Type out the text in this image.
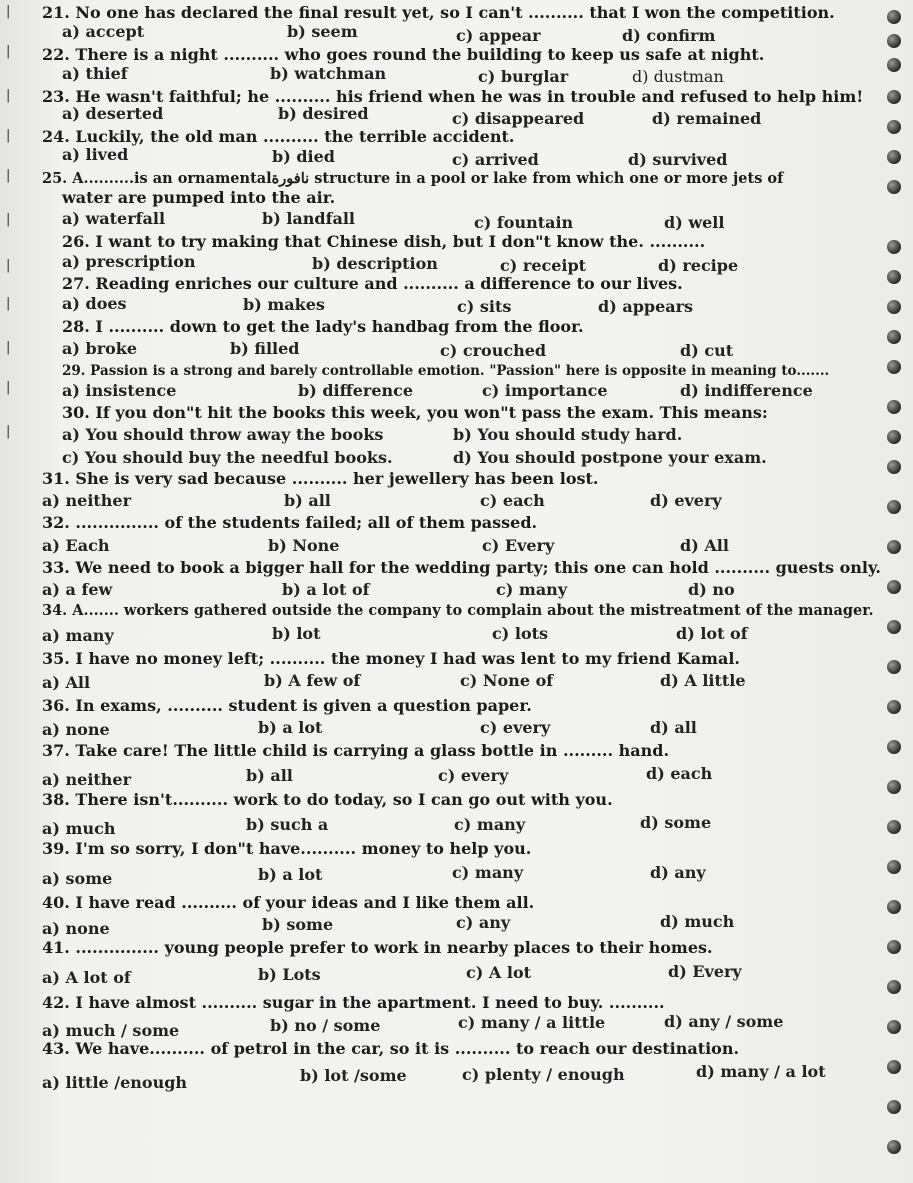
|
|
|
|
|
|
|
|
|
|
|
21. No one has declared the final result yet, so I can't .......... that I won the competition.
a) accept	b) seem	c) appear	d) confirm
22. There is a night .......... who goes round the building to keep us safe at night.
a) thief	b) watchman	c) burglar	d) dustman
23. He wasn't faithful; he .......... his friend when he was in trouble and refused to help him!
a) deserted	b) desired	c) disappeared	d) remained
24. Luckily, the old man .......... the terrible accident.
a) lived	b) died	c) arrived	d) survived
25. A..........is an ornamentalنافورة structure in a pool or lake from which one or more jets of
water are pumped into the air.
a) waterfall	b) landfall	c) fountain	d) well
26. I want to try making that Chinese dish, but I don"t know the. ..........
a) prescription	b) description	c) receipt	d) recipe
27. Reading enriches our culture and .......... a difference to our lives.
a) does	b) makes	c) sits	d) appears
28. I .......... down to get the lady's handbag from the floor.
a) broke	b) filled	c) crouched	d) cut
29. Passion is a strong and barely controllable emotion. "Passion" here is opposite in meaning to.......
a) insistence	b) difference	c) importance	d) indifference
30. If you don"t hit the books this week, you won"t pass the exam. This means:
a) You should throw away the books	b) You should study hard.
c) You should buy the needful books.	d) You should postpone your exam.
31. She is very sad because .......... her jewellery has been lost.
a) neither	b) all	c) each	d) every
32. ............... of the students failed; all of them passed.
a) Each	b) None	c) Every	d) All
33. We need to book a bigger hall for the wedding party; this one can hold .......... guests only.
a) a few	b) a lot of	c) many	d) no
34. A....... workers gathered outside the company to complain about the mistreatment of the manager.
a) many	b) lot	c) lots	d) lot of
35. I have no money left; .......... the money I had was lent to my friend Kamal.
a) All	b) A few of	c) None of	d) A little
36. In exams, .......... student is given a question paper.
a) none	b) a lot	c) every	d) all
37. Take care! The little child is carrying a glass bottle in ......... hand.
a) neither	b) all	c) every	d) each
38. There isn't.......... work to do today, so I can go out with you.
a) much	b) such a	c) many	d) some
39. I'm so sorry, I don"t have.......... money to help you.
a) some	b) a lot	c) many	d) any
40. I have read .......... of your ideas and I like them all.
a) none	b) some	c) any	d) much
41. ............... young people prefer to work in nearby places to their homes.
a) A lot of	b) Lots	c) A lot	d) Every
42. I have almost .......... sugar in the apartment. I need to buy. ..........
a) much / some	b) no / some	c) many / a little	d) any / some
43. We have.......... of petrol in the car, so it is .......... to reach our destination.
a) little /enough	b) lot /some	c) plenty / enough	d) many / a lot
